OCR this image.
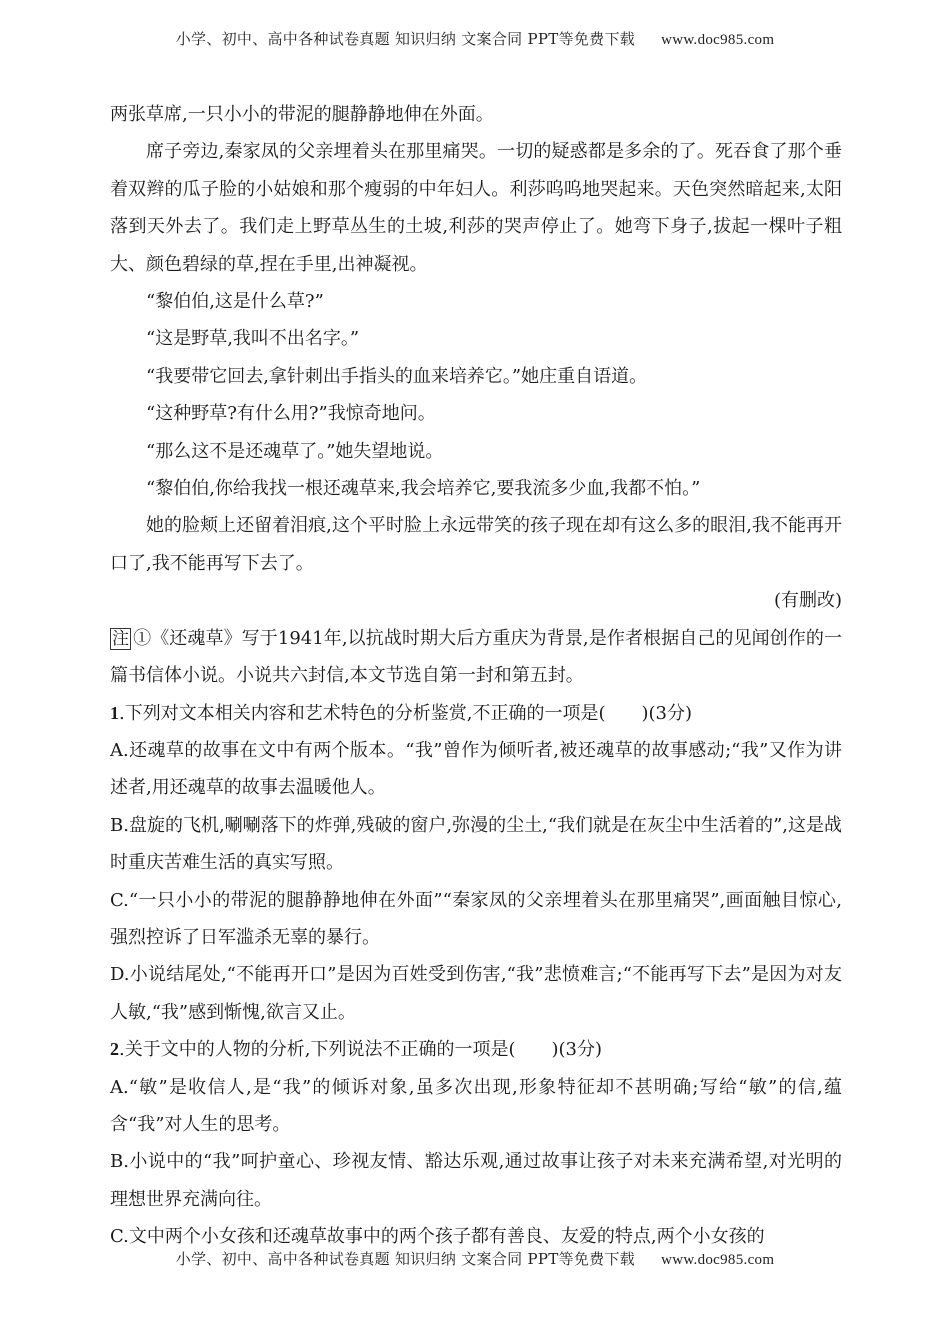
小学、初中、高中各种试卷真题 知识归纳 文案合同 PPT等免费下载 www.doc985.com

两张草席,一只小小的带泥的腿静静地伸在外面。

席子旁边,秦家凤的父亲埋着头在那里痛哭。一切的疑惑都是多余的了。死吞食了那个垂着双辫的瓜子脸的小姑娘和那个瘦弱的中年妇人。利莎呜呜地哭起来。天色突然暗起来,太阳落到天外去了。我们走上野草丛生的土坡,利莎的哭声停止了。她弯下身子,拔起一棵叶子粗大、颜色碧绿的草,捏在手里,出神凝视。

“黎伯伯,这是什么草?”

“这是野草,我叫不出名字。”

“我要带它回去,拿针刺出手指头的血来培养它。”她庄重自语道。

“这种野草?有什么用?”我惊奇地问。

“那么这不是还魂草了。”她失望地说。

“黎伯伯,你给我找一根还魂草来,我会培养它,要我流多少血,我都不怕。”

她的脸颊上还留着泪痕,这个平时脸上永远带笑的孩子现在却有这么多的眼泪,我不能再开口了,我不能再写下去了。

(有删改)

注 ①《还魂草》写于1941年,以抗战时期大后方重庆为背景,是作者根据自己的见闻创作的一篇书信体小说。小说共六封信,本文节选自第一封和第五封。

1.下列对文本相关内容和艺术特色的分析鉴赏,不正确的一项是(　　)(3分)

A.还魂草的故事在文中有两个版本。“我”曾作为倾听者,被还魂草的故事感动;“我”又作为讲述者,用还魂草的故事去温暖他人。

B.盘旋的飞机,唰唰落下的炸弹,残破的窗户,弥漫的尘土,“我们就是在灰尘中生活着的”,这是战时重庆苦难生活的真实写照。

C.“一只小小的带泥的腿静静地伸在外面”“秦家凤的父亲埋着头在那里痛哭”,画面触目惊心,强烈控诉了日军滥杀无辜的暴行。

D.小说结尾处,“不能再开口”是因为百姓受到伤害,“我”悲愤难言;“不能再写下去”是因为对友人敏,“我”感到惭愧,欲言又止。

2.关于文中的人物的分析,下列说法不正确的一项是(　　)(3分)

A.“敏”是收信人,是“我”的倾诉对象,虽多次出现,形象特征却不甚明确;写给“敏”的信,蕴含“我”对人生的思考。

B.小说中的“我”呵护童心、珍视友情、豁达乐观,通过故事让孩子对未来充满希望,对光明的理想世界充满向往。

C.文中两个小女孩和还魂草故事中的两个孩子都有善良、友爱的特点,两个小女孩的

小学、初中、高中各种试卷真题 知识归纳 文案合同 PPT等免费下载 www.doc985.com
